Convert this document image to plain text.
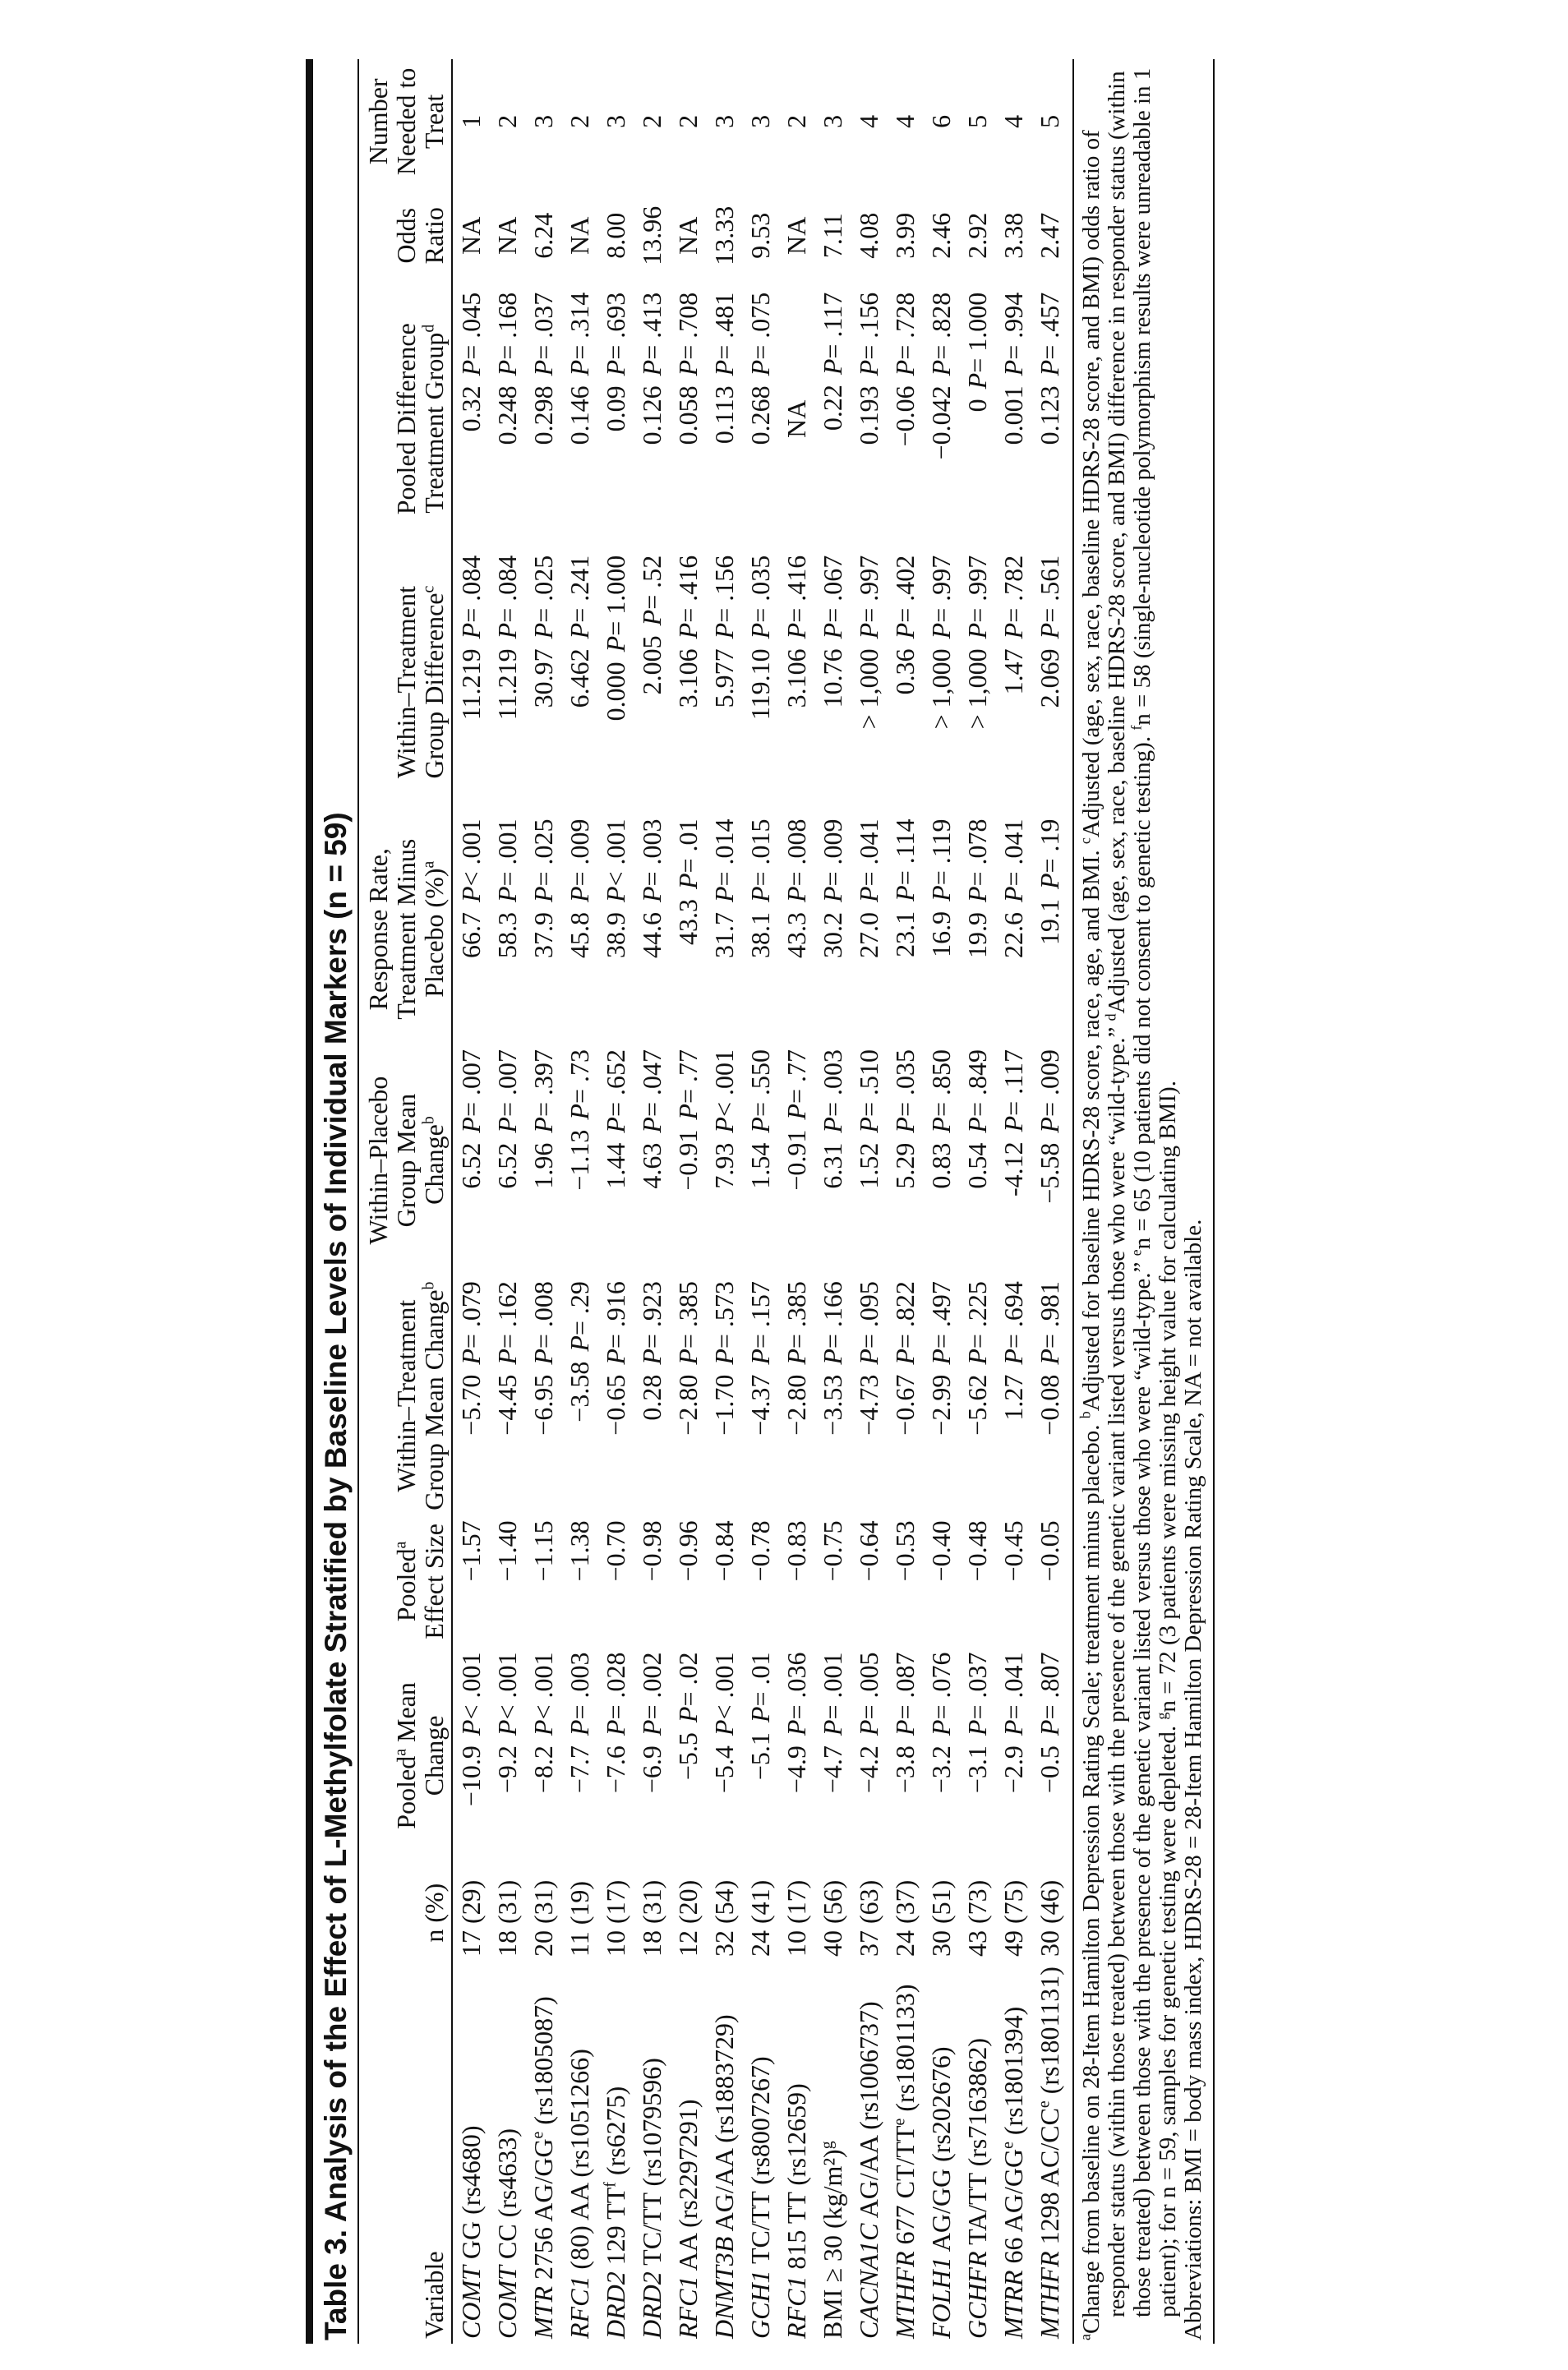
Table 3. Analysis of the Effect of L-Methylfolate Stratified by Baseline Levels of Individual Markers (n = 59)	Variable	n (%)	Pooled$^a$ Mean Change	Pooled$^a$ Effect Size	Within–Treatment Group Mean Change$^b$	Within–Placebo Group Mean Change$^b$	Response Rate, Treatment Minus Placebo (%)$^a$	Within–Treatment Group Difference$^c$	Pooled Difference Treatment Group$^d$	Odds Ratio	Number Needed to Treat
COMT GG (rs4680)	17 (29)	−10.9P< .001	−1.57	−5.70P= .079	6.52P= .007	66.7P< .001	11.219P= .084	0.32P= .045	NA	1
COMT CC (rs4633)	18 (31)	−9.2P< .001	−1.40	−4.45P= .162	6.52P= .007	58.3P= .001	11.219P= .084	0.248P= .168	NA	2
MTR 2756 $AG/GG^e$ (rs1805087)	20 (31)	−8.2P< .001	−1.15	−6.95P= .008	1.96P= .397	37.9P= .025	30.97P= .025	0.298P= .037	6.24	3
RFC1 (80) AA (rs1051266)	11 (19)	−7.7P= .003	−1.38	−3.58P= .29	−1.13P= .73	45.8P= .009	6.462P= .241	0.146P= .314	NA	2
DRD2 129 $TT^f$ (rs6275)	10 (17)	−7.6P= .028	−0.70	−0.65P= .916	1.44P= .652	38.9P< .001	0.000P= 1.000	0.09P= .693	8.00	3
DRD2 TC/TT (rs1079596)	18 (31)	−6.9P= .002	−0.98	0.28P= .923	4.63P= .047	44.6P= .003	2.005P= .52	0.126P= .413	13.96	2
RFC1 AA (rs2297291)	12 (20)	−5.5P= .02	−0.96	−2.80P= .385	−0.91P= .77	43.3P= .01	3.106P= .416	0.058P= .708	NA	2
DNMT3B AG/AA (rs1883729)	32 (54)	−5.4P< .001	−0.84	−1.70P= .573	7.93P< .001	31.7P= .014	5.977P= .156	0.113P= .481	13.33	3
GCH1 TC/TT (rs8007267)	24 (41)	−5.1P= .01	−0.78	−4.37P= .157	1.54P= .550	38.1P= .015	119.10P= .035	0.268P= .075	9.53	3
RFC1 815 TT (rs12659)	10 (17)	−4.9P= .036	−0.83	−2.80P= .385	−0.91P= .77	43.3P= .008	3.106P= .416	NA	NA	2
BMI ≥ 30 $(kg/m^2)^g$	40 (56)	−4.7P= .001	−0.75	−3.53P= .166	6.31P= .003	30.2P= .009	10.76P= .067	0.22P= .117	7.11	3
CACNA1C AG/AA (rs1006737)	37 (63)	−4.2P= .005	−0.64	−4.73P= .095	1.52P= .510	27.0P= .041	> 1,000P= .997	0.193P= .156	4.08	4
MTHFR 677 $CT/TT^e$ (rs1801133)	24 (37)	−3.8P= .087	−0.53	−0.67P= .822	5.29P= .035	23.1P= .114	0.36P= .402	−0.06P= .728	3.99	4
FOLH1 AG/GG (rs202676)	30 (51)	−3.2P= .076	−0.40	−2.99P= .497	0.83P= .850	16.9P= .119	> 1,000P= .997	−0.042P= .828	2.46	6
GCHFR TA/TT (rs7163862)	43 (73)	−3.1P= .037	−0.48	−5.62P= .225	0.54P= .849	19.9P= .078	> 1,000P= .997	0P= 1.000	2.92	5
MTRR 66 $AG/GG^e$ (rs1801394)	49 (75)	−2.9P= .041	−0.45	1.27P= .694	-4.12P= .117	22.6P= .041	1.47P= .782	0.001P= .994	3.38	4
MTHFR 1298 AC/CCe (rs1801131)	30 (46)	−0.5P= .807	−0.05	−0.08P= .981	−5.58P= .009	19.1P= .19	2.069P= .561	0.123P= .457	2.47	5
$^a$Change from baseline on 28-Item Hamilton Depression Rating Scale; treatment minus placebo. $^b$Adjusted for baseline HDRS-28 score, race, age, and BMI. $^c$Adjusted (age, sex, race, baseline HDRS-28 score, and BMI) odds ratio of responder status (within those treated) between those with the presence of the genetic variant listed versus those who were “wild-type.” $^d$Adjusted (age, sex, race, baseline HDRS-28 score, and BMI) difference in responder status (within those treated) between those with the presence of the genetic variant listed versus those who were “wild-type.” $^e$n = 65 (10 patients did not consent to genetic testing). $^f$n = 58 (single-nucleotide polymorphism results were unreadable in 1 patient); for n = 59, samples for genetic testing were depleted. $^g$n = 72 (3 patients were missing height value for calculating BMI). Abbreviations: BMI = body mass index, HDRS-28 = 28-Item Hamilton Depression Rating Scale, NA = not available.
